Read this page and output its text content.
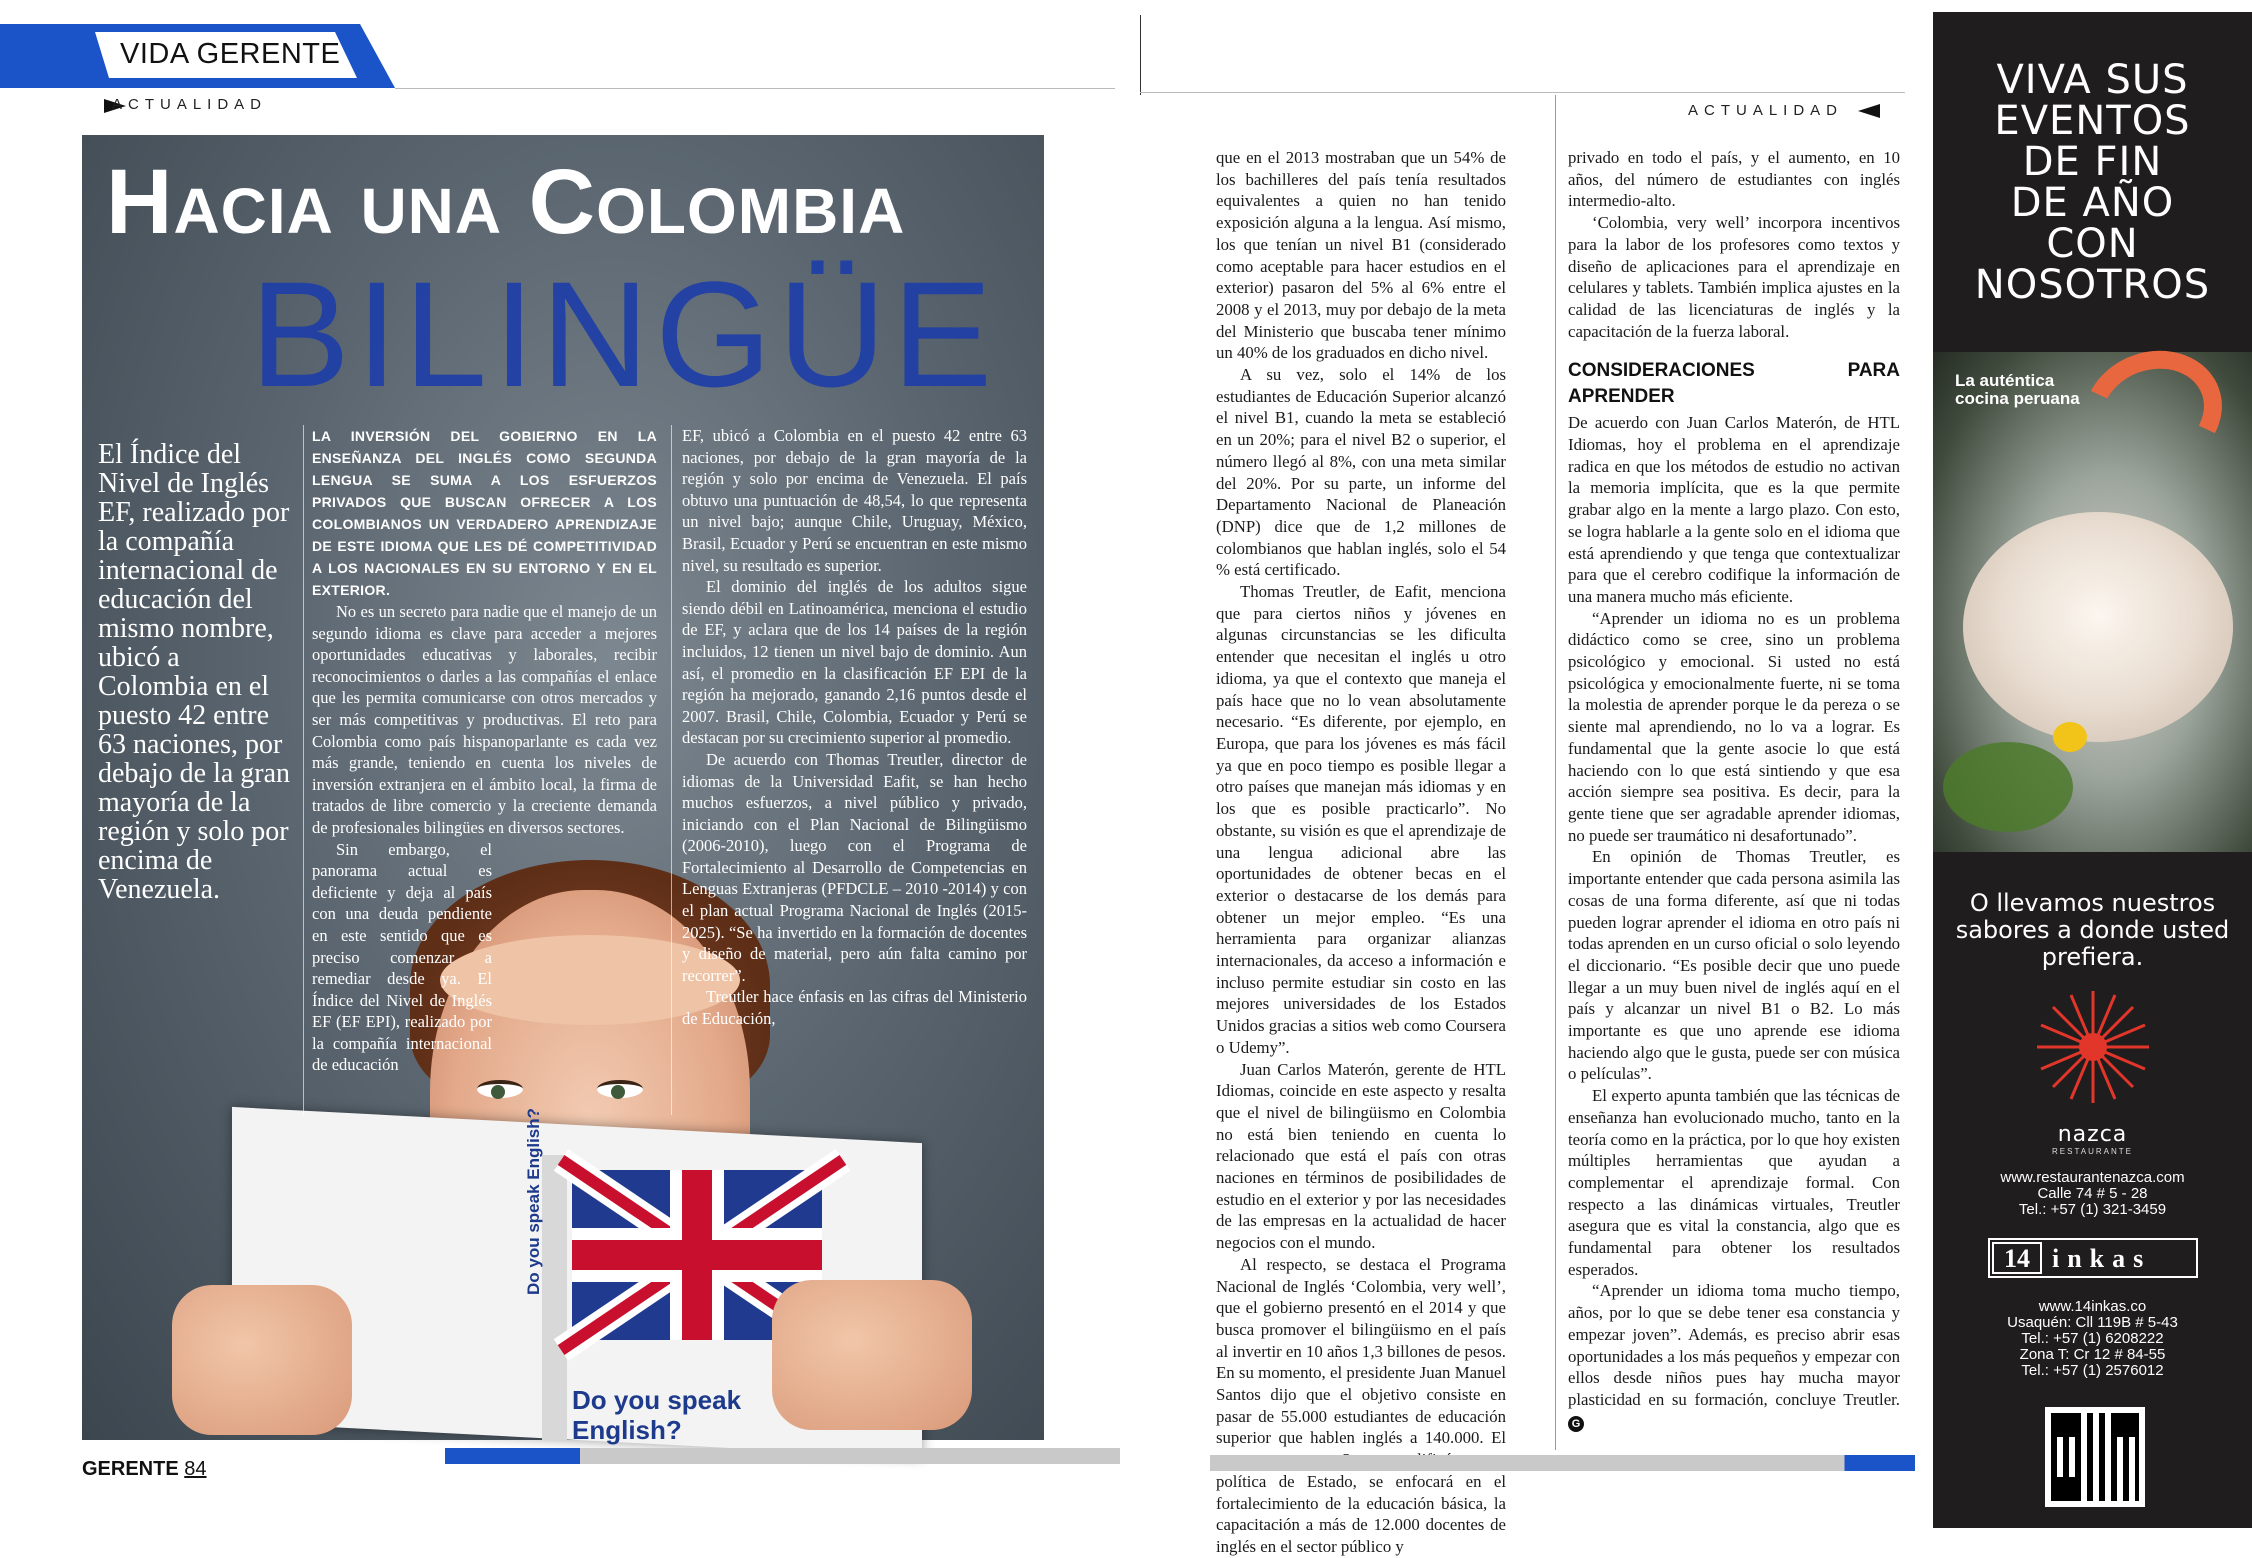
VIDA GERENTE
ACTUALIDAD
Do you speak English?
Do you speak
English?
Hacia una Colombia
BILINGÜE
El Índice del Nivel de Inglés EF, realizado por la compañía internacional de educación del mismo nombre, ubicó a Colombia en el puesto 42 entre 63 naciones, por debajo de la gran mayoría de la región y solo por encima de Venezuela.

LA INVERSIÓN DEL GOBIERNO EN LA ENSEÑANZA DEL INGLÉS COMO SEGUNDA LENGUA SE SUMA A LOS ESFUERZOS PRIVADOS QUE BUSCAN OFRECER A LOS COLOMBIANOS UN VERDADERO APRENDIZAJE DE ESTE IDIOMA QUE LES DÉ COMPETITIVIDAD A LOS NACIONALES EN SU ENTORNO Y EN EL EXTERIOR.

No es un secreto para nadie que el manejo de un segundo idioma es clave para acceder a mejores oportunidades educativas y laborales, recibir reconocimientos o darles a las compañías el enlace que les permita comunicarse con otros mercados y ser más competitivas y productivas. El reto para Colombia como país hispanoparlante es cada vez más grande, teniendo en cuenta los niveles de inversión extranjera en el ámbito local, la firma de tratados de libre comercio y la creciente demanda de profesionales bilingües en diversos sectores.

Sin embargo, el panorama actual es deficiente y deja al país con una deuda pendiente en este sentido que es preciso comenzar a remediar desde ya. El Índice del Nivel de Inglés EF (EF EPI), realizado por la compañía internacional de educación

EF, ubicó a Colombia en el puesto 42 entre 63 naciones, por debajo de la gran mayoría de la región y solo por encima de Venezuela. El país obtuvo una puntuación de 48,54, lo que representa un nivel bajo; aunque Chile, Uruguay, México, Brasil, Ecuador y Perú se encuentran en este mismo nivel, su resultado es superior.

El dominio del inglés de los adultos sigue siendo débil en Latinoamérica, menciona el estudio de EF, y aclara que de los 14 países de la región incluidos, 12 tienen un nivel bajo de dominio. Aun así, el promedio en la clasificación EF EPI de la región ha mejorado, ganando 2,16 puntos desde el 2007. Brasil, Chile, Colombia, Ecuador y Perú se destacan por su crecimiento superior al promedio.

De acuerdo con Thomas Treutler, director de idiomas de la Universidad Eafit, se han hecho muchos esfuerzos, a nivel público y privado, iniciando con el Plan Nacional de Bilingüismo (2006-2010), luego con el Programa de Fortalecimiento al Desarrollo de Competencias en Lenguas Extranjeras (PFDCLE – 2010 -2014) y con el plan actual Programa Nacional de Inglés (2015-2025). “Se ha invertido en la formación de docentes y diseño de material, pero aún falta camino por recorrer”.

Treutler hace énfasis en las cifras del Ministerio de Educación,

GERENTE 84
ACTUALIDAD

que en el 2013 mostraban que un 54% de los bachilleres del país tenía resultados equivalentes a quien no han tenido exposición alguna a la lengua. Así mismo, los que tenían un nivel B1 (considerado como aceptable para hacer estudios en el exterior) pasaron del 5% al 6% entre el 2008 y el 2013, muy por debajo de la meta del Ministerio que buscaba tener mínimo un 40% de los graduados en dicho nivel.

A su vez, solo el 14% de los estudiantes de Educación Superior alcanzó el nivel B1, cuando la meta se estableció en un 20%; para el nivel B2 o superior, el número llegó al 8%, con una meta similar del 20%. Por su parte, un informe del Departamento Nacional de Planeación (DNP) dice que de 1,2 millones de colombianos que hablan inglés, solo el 54 % está certificado.

Thomas Treutler, de Eafit, menciona que para ciertos niños y jóvenes en algunas circunstancias se les dificulta entender que necesitan el inglés u otro idioma, ya que el contexto que maneja el país hace que no lo vean absolutamente necesario. “Es diferente, por ejemplo, en Europa, que para los jóvenes es más fácil ya que en poco tiempo es posible llegar a otro países que manejan más idiomas y en los que es posible practicarlo”. No obstante, su visión es que el aprendizaje de una lengua adicional abre las oportunidades de obtener becas en el exterior o destacarse de los demás para obtener un mejor empleo. “Es una herramienta para organizar alianzas internacionales, da acceso a información e incluso permite estudiar sin costo en las mejores universidades de los Estados Unidos gracias a sitios web como Coursera o Udemy”.

Juan Carlos Materón, gerente de HTL Idiomas, coincide en este aspecto y resalta que el nivel de bilingüismo en Colombia no está bien teniendo en cuenta lo relacionado que está el país con otras naciones en términos de posibilidades de estudio en el exterior y por las necesidades de las empresas en la actualidad de hacer negocios con el mundo.

Al respecto, se destaca el Programa Nacional de Inglés ‘Colombia, very well’, que el gobierno presentó en el 2014 y que busca promover el bilingüismo en el país al invertir en 10 años 1,3 billones de pesos. En su momento, el presidente Juan Manuel Santos dijo que el objetivo consiste en pasar de 55.000 estudiantes de educación superior que hablen inglés a 140.000. El política de Estado, se enfocará en el fortalecimiento de la educación básica, la capacitación a más de 12.000 docentes de inglés en el sector público y

privado en todo el país, y el aumento, en 10 años, del número de estudiantes con inglés intermedio-alto.

‘Colombia, very well’ incorpora incentivos para la labor de los profesores como textos y diseño de aplicaciones para el aprendizaje en celulares y tablets. También implica ajustes en la calidad de las licenciaturas de inglés y la capacitación de la fuerza laboral.

CONSIDERACIONES PARA APRENDER

De acuerdo con Juan Carlos Materón, de HTL Idiomas, hoy el problema en el aprendizaje radica en que los métodos de estudio no activan la memoria implícita, que es la que permite grabar algo en la mente a largo plazo. Con esto, se logra hablarle a la gente solo en el idioma que está aprendiendo y que tenga que contextualizar para que el cerebro codifique la información de una manera mucho más eficiente.

“Aprender un idioma no es un problema didáctico como se cree, sino un problema psicológico y emocional. Si usted no está psicológica y emocionalmente fuerte, ni se toma la molestia de aprender porque le da pereza o se siente mal aprendiendo, no lo va a lograr. Es fundamental que la gente asocie lo que está haciendo con lo que está sintiendo y que esa acción siempre sea positiva. Es decir, para la gente tiene que ser agradable aprender idiomas, no puede ser traumático ni desafortunado”.

En opinión de Thomas Treutler, es importante entender que cada persona asimila las cosas de una forma diferente, así que ni todas pueden lograr aprender el idioma en otro país ni todas aprenden en un curso oficial o solo leyendo el diccionario. “Es posible decir que uno puede llegar a un muy buen nivel de inglés aquí en el país y alcanzar un nivel B1 o B2. Lo más importante es que uno aprende ese idioma haciendo algo que le gusta, puede ser con música o películas”.

El experto apunta también que las técnicas de enseñanza han evolucionado mucho, tanto en la teoría como en la práctica, por lo que hoy existen múltiples herramientas que ayudan a complementar el aprendizaje formal. Con respecto a las dinámicas virtuales, Treutler asegura que es vital la constancia, algo que es fundamental para obtener los resultados esperados.

“Aprender un idioma toma mucho tiempo, años, por lo que se debe tener esa constancia y empezar joven”. Además, es preciso abrir esas oportunidades a los más pequeños y empezar con ellos desde niños pues hay mucha mayor plasticidad en su formación, concluye Treutler. G

VIVA SUS
EVENTOS
DE FIN
DE AÑO
CON
NOSOTROS
La auténtica cocina peruana
O llevamos nuestros sabores a donde usted prefiera.
nazca
RESTAURANTE
www.restaurantenazca.com
Calle 74 # 5 - 28
Tel.: +57 (1) 321-3459
14 inkas
www.14inkas.co
Usaquén: Cll 119B # 5-43
Tel.: +57 (1) 6208222
Zona T: Cr 12 # 84-55
Tel.: +57 (1) 2576012
